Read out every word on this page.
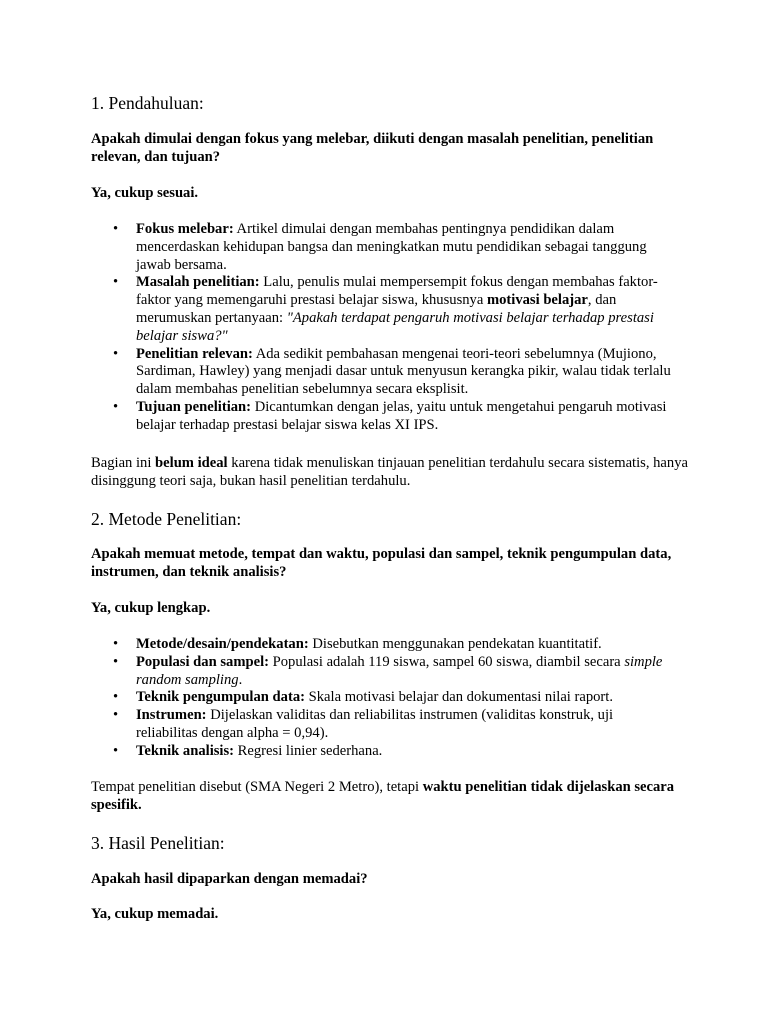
1. Pendahuluan:

Apakah dimulai dengan fokus yang melebar, diikuti dengan masalah penelitian, penelitian relevan, dan tujuan?

Ya, cukup sesuai.

• Fokus melebar: Artikel dimulai dengan membahas pentingnya pendidikan dalam mencerdaskan kehidupan bangsa dan meningkatkan mutu pendidikan sebagai tanggung jawab bersama.
• Masalah penelitian: Lalu, penulis mulai mempersempit fokus dengan membahas faktor-faktor yang memengaruhi prestasi belajar siswa, khususnya motivasi belajar, dan merumuskan pertanyaan: "Apakah terdapat pengaruh motivasi belajar terhadap prestasi belajar siswa?"
• Penelitian relevan: Ada sedikit pembahasan mengenai teori-teori sebelumnya (Mujiono, Sardiman, Hawley) yang menjadi dasar untuk menyusun kerangka pikir, walau tidak terlalu dalam membahas penelitian sebelumnya secara eksplisit.
• Tujuan penelitian: Dicantumkan dengan jelas, yaitu untuk mengetahui pengaruh motivasi belajar terhadap prestasi belajar siswa kelas XI IPS.

Bagian ini belum ideal karena tidak menuliskan tinjauan penelitian terdahulu secara sistematis, hanya disinggung teori saja, bukan hasil penelitian terdahulu.

2. Metode Penelitian:

Apakah memuat metode, tempat dan waktu, populasi dan sampel, teknik pengumpulan data, instrumen, dan teknik analisis?

Ya, cukup lengkap.

• Metode/desain/pendekatan: Disebutkan menggunakan pendekatan kuantitatif.
• Populasi dan sampel: Populasi adalah 119 siswa, sampel 60 siswa, diambil secara simple random sampling.
• Teknik pengumpulan data: Skala motivasi belajar dan dokumentasi nilai raport.
• Instrumen: Dijelaskan validitas dan reliabilitas instrumen (validitas konstruk, uji reliabilitas dengan alpha = 0,94).
• Teknik analisis: Regresi linier sederhana.

Tempat penelitian disebut (SMA Negeri 2 Metro), tetapi waktu penelitian tidak dijelaskan secara spesifik.

3. Hasil Penelitian:

Apakah hasil dipaparkan dengan memadai?

Ya, cukup memadai.
